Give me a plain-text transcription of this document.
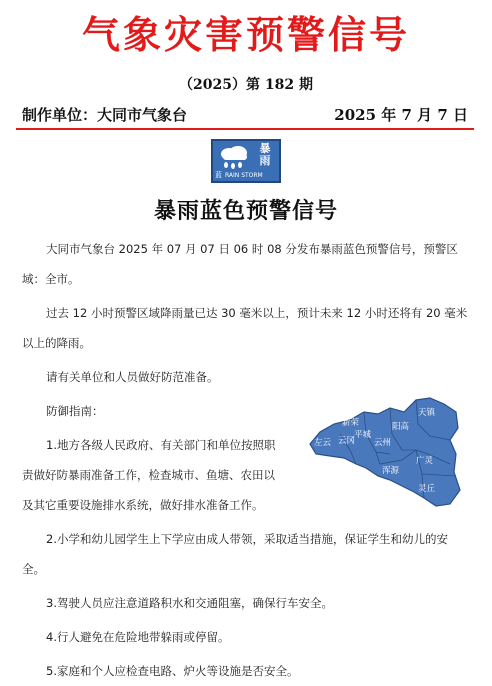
气象灾害预警信号
（2025）第 182 期
制作单位：大同市气象台	2025 年 7 月 7 日
暴雨
蓝 RAIN STORM
暴雨蓝色预警信号

大同市气象台 2025 年 07 月 07 日 06 时 08 分发布暴雨蓝色预警信号，预警区域：全市。

过去 12 小时预警区域降雨量已达 30 毫米以上，预计未来 12 小时还将有 20 毫米以上的降雨。

请有关单位和人员做好防范准备。

防御指南：

1.地方各级人民政府、有关部门和单位按照职责做好防暴雨准备工作，检查城市、鱼塘、农田以及其它重要设施排水系统，做好排水准备工作。

2.小学和幼儿园学生上下学应由成人带领，采取适当措施，保证学生和幼儿的安全。

3.驾驶人员应注意道路积水和交通阻塞，确保行车安全。

4.行人避免在危险地带躲雨或停留。

5.家庭和个人应检查电路、炉火等设施是否安全。

新荣
天镇
阳高
左云 云冈
平城
云州
广灵
浑源
灵丘
